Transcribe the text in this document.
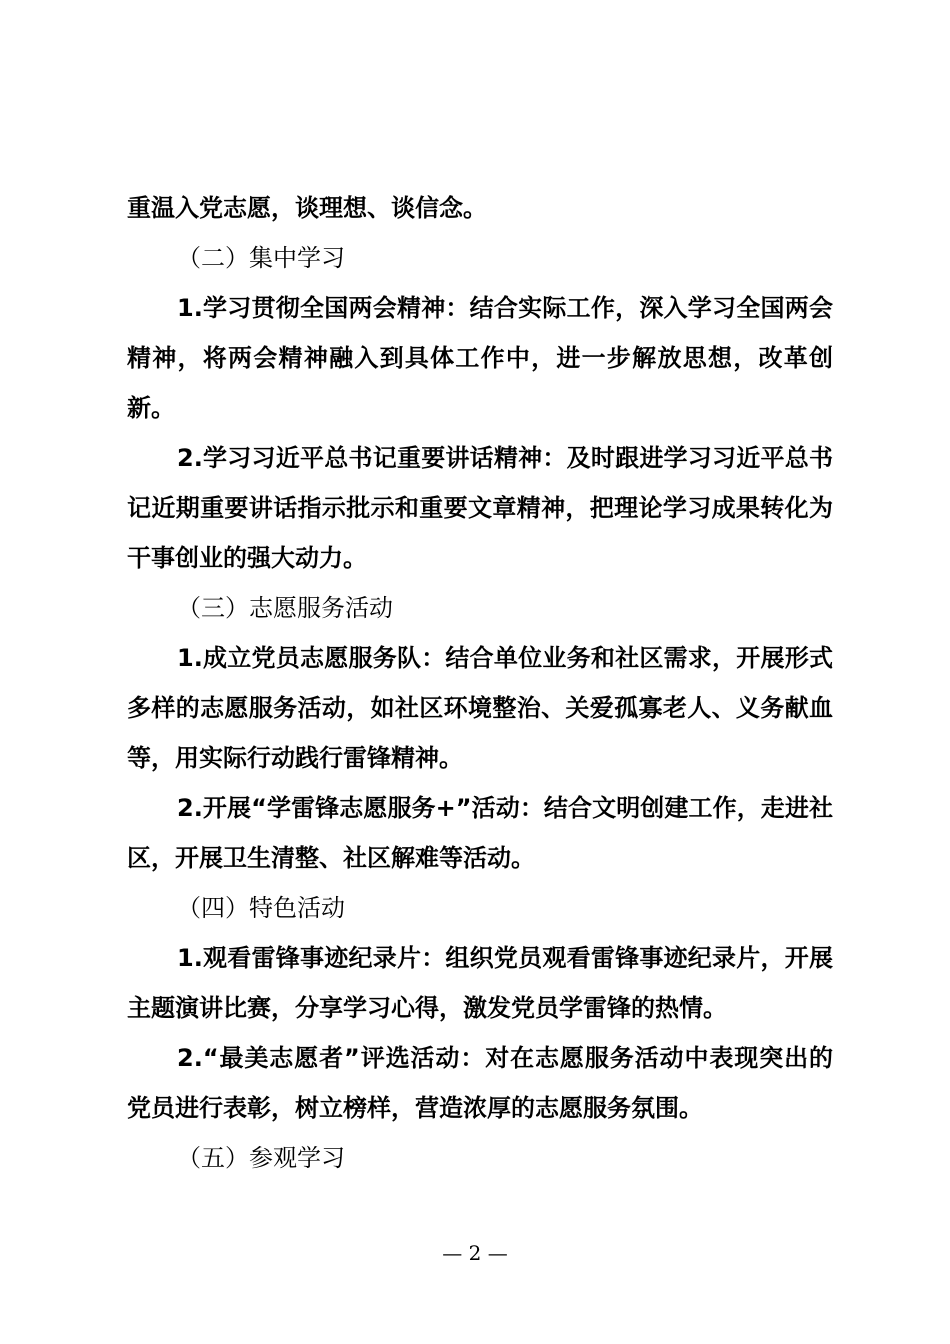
重温入党志愿，谈理想、谈信念。

（二）集中学习

1.学习贯彻全国两会精神：结合实际工作，深入学习全国两会精神，将两会精神融入到具体工作中，进一步解放思想，改革创新。

2.学习习近平总书记重要讲话精神：及时跟进学习习近平总书记近期重要讲话指示批示和重要文章精神，把理论学习成果转化为干事创业的强大动力。

（三）志愿服务活动

1.成立党员志愿服务队：结合单位业务和社区需求，开展形式多样的志愿服务活动，如社区环境整治、关爱孤寡老人、义务献血等，用实际行动践行雷锋精神。

2.开展“学雷锋志愿服务+”活动：结合文明创建工作，走进社区，开展卫生清整、社区解难等活动。

（四）特色活动

1.观看雷锋事迹纪录片：组织党员观看雷锋事迹纪录片，开展主题演讲比赛，分享学习心得，激发党员学雷锋的热情。

2.“最美志愿者”评选活动：对在志愿服务活动中表现突出的党员进行表彰，树立榜样，营造浓厚的志愿服务氛围。

（五）参观学习

— 2 —
